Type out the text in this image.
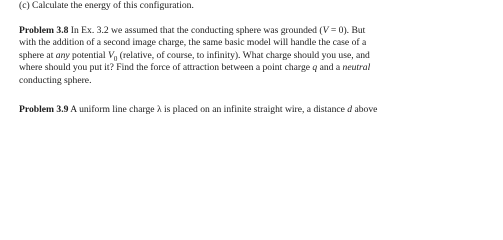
(c) Calculate the energy of this configuration.
Problem 3.8 In Ex. 3.2 we assumed that the conducting sphere was grounded (V = 0). But
with the addition of a second image charge, the same basic model will handle the case of a
sphere at any potential $V_0$ (relative, of course, to infinity). What charge should you use, and
where should you put it? Find the force of attraction between a point charge q and a neutral
conducting sphere.
Problem 3.9 A uniform line charge λ is placed on an infinite straight wire, a distance d above
